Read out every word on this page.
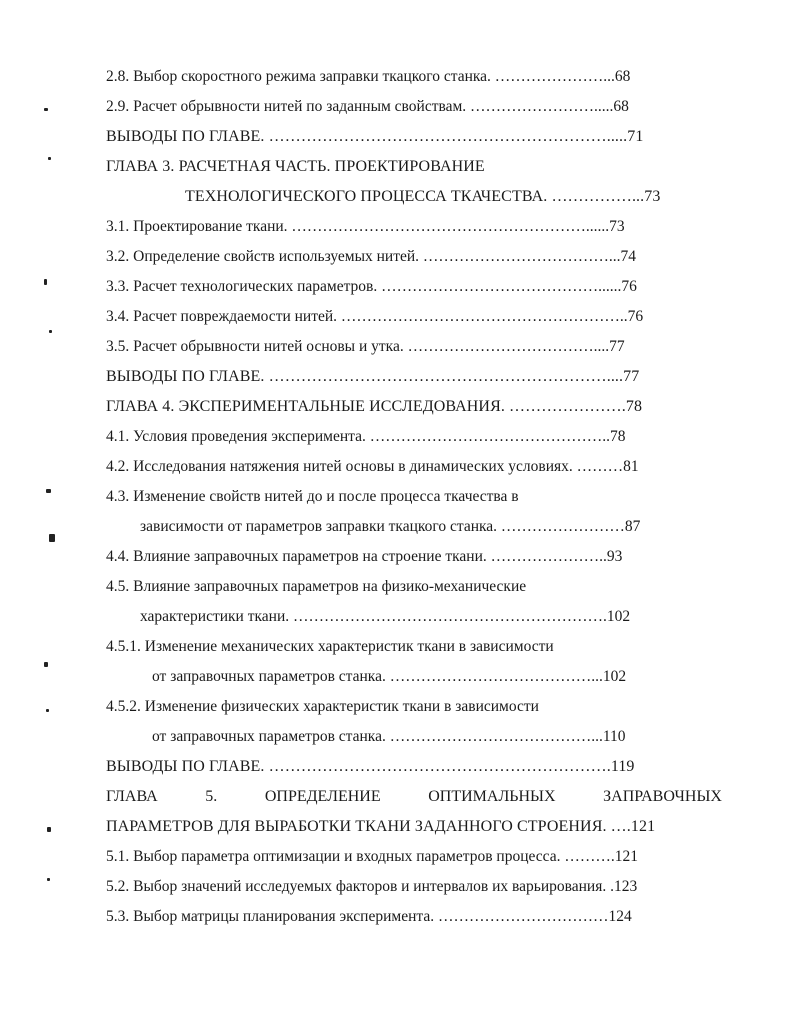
2.8. Выбор скоростного режима заправки ткацкого станка. …………………...68
2.9. Расчет обрывности нитей по заданным свойствам. …………………….....68
ВЫВОДЫ ПО ГЛАВЕ. ……………………………………………………….....71
ГЛАВА 3. РАСЧЕТНАЯ ЧАСТЬ. ПРОЕКТИРОВАНИЕ
ТЕХНОЛОГИЧЕСКОГО ПРОЦЕССА ТКАЧЕСТВА. ……………...73
3.1. Проектирование ткани. …………………………………………………......73
3.2. Определение свойств используемых нитей. ………………………………...74
3.3. Расчет технологических параметров. ……………………………………......76
3.4. Расчет повреждаемости нитей. ………………………………………………..76
3.5. Расчет обрывности нитей основы и утка. ………………………………....77
ВЫВОДЫ ПО ГЛАВЕ. ………………………………………………………....77
ГЛАВА 4. ЭКСПЕРИМЕНТАЛЬНЫЕ ИССЛЕДОВАНИЯ. ………………….78
4.1. Условия проведения эксперимента. ………………………………………..78
4.2. Исследования натяжения нитей основы в динамических условиях. ………81
4.3. Изменение свойств нитей до и после процесса ткачества в
зависимости от параметров заправки ткацкого станка. ……………………87
4.4. Влияние заправочных параметров на строение ткани. …………………..93
4.5. Влияние заправочных параметров на физико-механические
характеристики ткани. …………………………………………………….102
4.5.1. Изменение механических характеристик ткани в зависимости
от заправочных параметров станка. …………………………………...102
4.5.2. Изменение физических характеристик ткани в зависимости
от заправочных параметров станка. …………………………………...110
ВЫВОДЫ ПО ГЛАВЕ. ……………………………………………………….119
ГЛАВА	5.	ОПРЕДЕЛЕНИЕ	ОПТИМАЛЬНЫХ	ЗАПРАВОЧНЫХ
ПАРАМЕТРОВ ДЛЯ ВЫРАБОТКИ ТКАНИ ЗАДАННОГО СТРОЕНИЯ. ….121
5.1. Выбор параметра оптимизации и входных параметров процесса. ……….121
5.2. Выбор значений исследуемых факторов и интервалов их варьирования. .123
5.3. Выбор матрицы планирования эксперимента. ……………………………124
